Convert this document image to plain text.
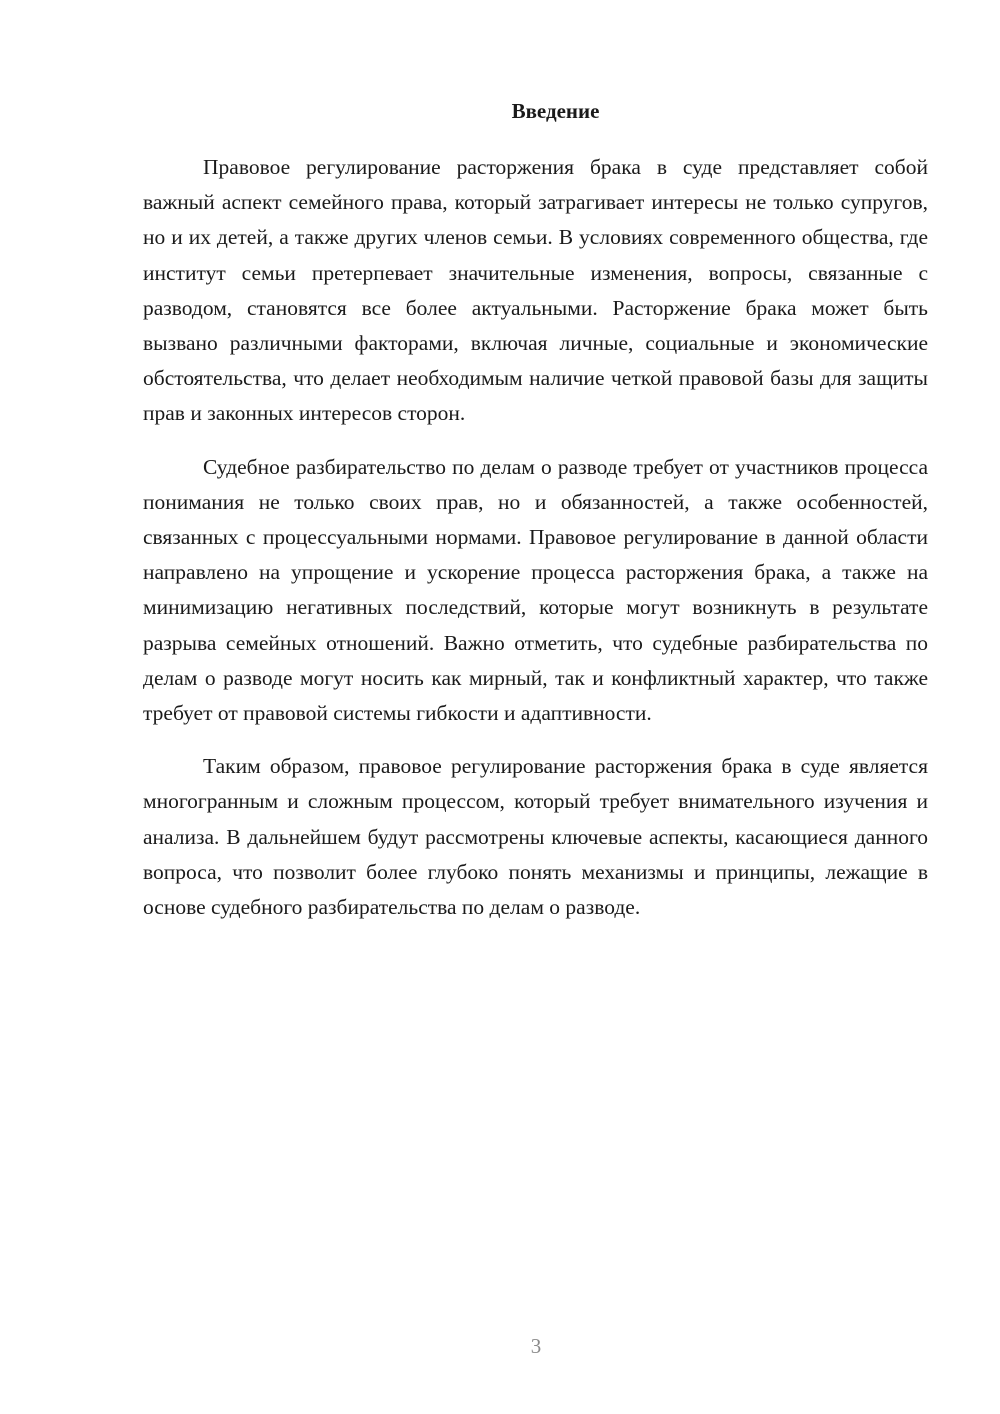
Введение

Правовое регулирование расторжения брака в суде представляет собой важный аспект семейного права, который затрагивает интересы не только супругов, но и их детей, а также других членов семьи. В условиях современного общества, где институт семьи претерпевает значительные изменения, вопросы, связанные с разводом, становятся все более актуальными. Расторжение брака может быть вызвано различными факторами, включая личные, социальные и экономические обстоятельства, что делает необходимым наличие четкой правовой базы для защиты прав и законных интересов сторон.

Судебное разбирательство по делам о разводе требует от участников процесса понимания не только своих прав, но и обязанностей, а также особенностей, связанных с процессуальными нормами. Правовое регулирование в данной области направлено на упрощение и ускорение процесса расторжения брака, а также на минимизацию негативных последствий, которые могут возникнуть в результате разрыва семейных отношений. Важно отметить, что судебные разбирательства по делам о разводе могут носить как мирный, так и конфликтный характер, что также требует от правовой системы гибкости и адаптивности.

Таким образом, правовое регулирование расторжения брака в суде является многогранным и сложным процессом, который требует внимательного изучения и анализа. В дальнейшем будут рассмотрены ключевые аспекты, касающиеся данного вопроса, что позволит более глубоко понять механизмы и принципы, лежащие в основе судебного разбирательства по делам о разводе.

3
